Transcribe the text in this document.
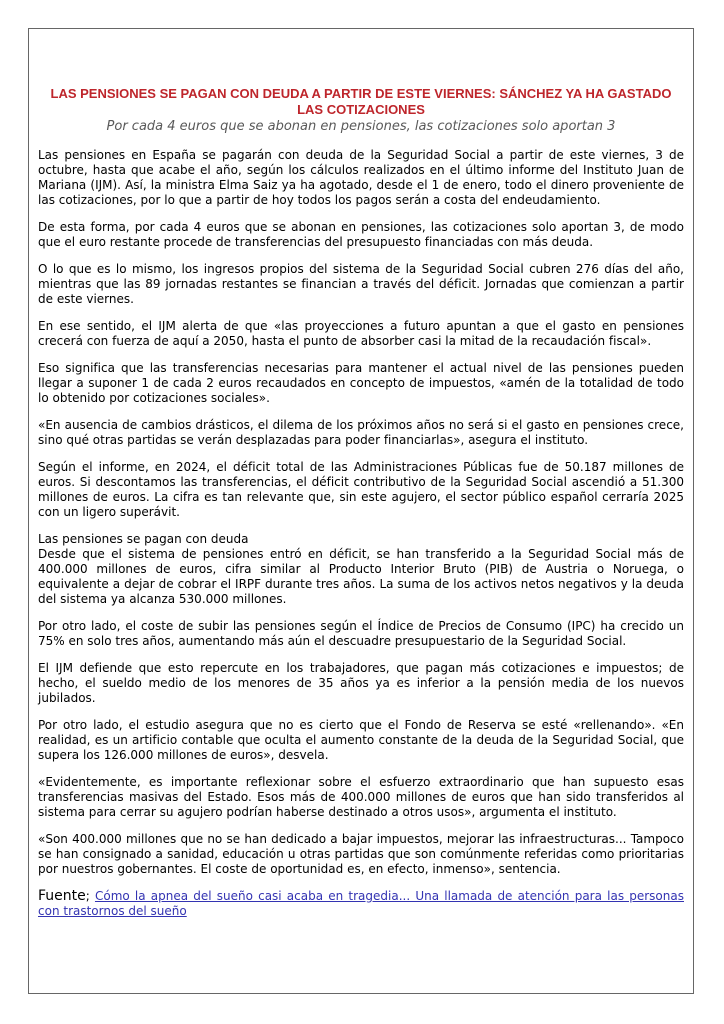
LAS PENSIONES SE PAGAN CON DEUDA A PARTIR DE ESTE VIERNES: SÁNCHEZ YA HA GASTADO
LAS COTIZACIONES
Por cada 4 euros que se abonan en pensiones, las cotizaciones solo aportan 3

Las pensiones en España se pagarán con deuda de la Seguridad Social a partir de este viernes, 3 de octubre, hasta que acabe el año, según los cálculos realizados en el último informe del Instituto Juan de Mariana (IJM). Así, la ministra Elma Saiz ya ha agotado, desde el 1 de enero, todo el dinero proveniente de las cotizaciones, por lo que a partir de hoy todos los pagos serán a costa del endeudamiento.

De esta forma, por cada 4 euros que se abonan en pensiones, las cotizaciones solo aportan 3, de modo que el euro restante procede de transferencias del presupuesto financiadas con más deuda.

O lo que es lo mismo, los ingresos propios del sistema de la Seguridad Social cubren 276 días del año, mientras que las 89 jornadas restantes se financian a través del déficit. Jornadas que comienzan a partir de este viernes.

En ese sentido, el IJM alerta de que «las proyecciones a futuro apuntan a que el gasto en pensiones crecerá con fuerza de aquí a 2050, hasta el punto de absorber casi la mitad de la recaudación fiscal».

Eso significa que las transferencias necesarias para mantener el actual nivel de las pensiones pueden llegar a suponer 1 de cada 2 euros recaudados en concepto de impuestos, «amén de la totalidad de todo lo obtenido por cotizaciones sociales».

«En ausencia de cambios drásticos, el dilema de los próximos años no será si el gasto en pensiones crece, sino qué otras partidas se verán desplazadas para poder financiarlas», asegura el instituto.

Según el informe, en 2024, el déficit total de las Administraciones Públicas fue de 50.187 millones de euros. Si descontamos las transferencias, el déficit contributivo de la Seguridad Social ascendió a 51.300 millones de euros. La cifra es tan relevante que, sin este agujero, el sector público español cerraría 2025 con un ligero superávit.

Las pensiones se pagan con deuda

Desde que el sistema de pensiones entró en déficit, se han transferido a la Seguridad Social más de 400.000 millones de euros, cifra similar al Producto Interior Bruto (PIB) de Austria o Noruega, o equivalente a dejar de cobrar el IRPF durante tres años. La suma de los activos netos negativos y la deuda del sistema ya alcanza 530.000 millones.

Por otro lado, el coste de subir las pensiones según el Índice de Precios de Consumo (IPC) ha crecido un 75% en solo tres años, aumentando más aún el descuadre presupuestario de la Seguridad Social.

El IJM defiende que esto repercute en los trabajadores, que pagan más cotizaciones e impuestos; de hecho, el sueldo medio de los menores de 35 años ya es inferior a la pensión media de los nuevos jubilados.

Por otro lado, el estudio asegura que no es cierto que el Fondo de Reserva se esté «rellenando». «En realidad, es un artificio contable que oculta el aumento constante de la deuda de la Seguridad Social, que supera los 126.000 millones de euros», desvela.

«Evidentemente, es importante reflexionar sobre el esfuerzo extraordinario que han supuesto esas transferencias masivas del Estado. Esos más de 400.000 millones de euros que han sido transferidos al sistema para cerrar su agujero podrían haberse destinado a otros usos», argumenta el instituto.

«Son 400.000 millones que no se han dedicado a bajar impuestos, mejorar las infraestructuras... Tampoco se han consignado a sanidad, educación u otras partidas que son comúnmente referidas como prioritarias por nuestros gobernantes. El coste de oportunidad es, en efecto, inmenso», sentencia.

Fuente; Cómo la apnea del sueño casi acaba en tragedia... Una llamada de atención para las personas con trastornos del sueño
